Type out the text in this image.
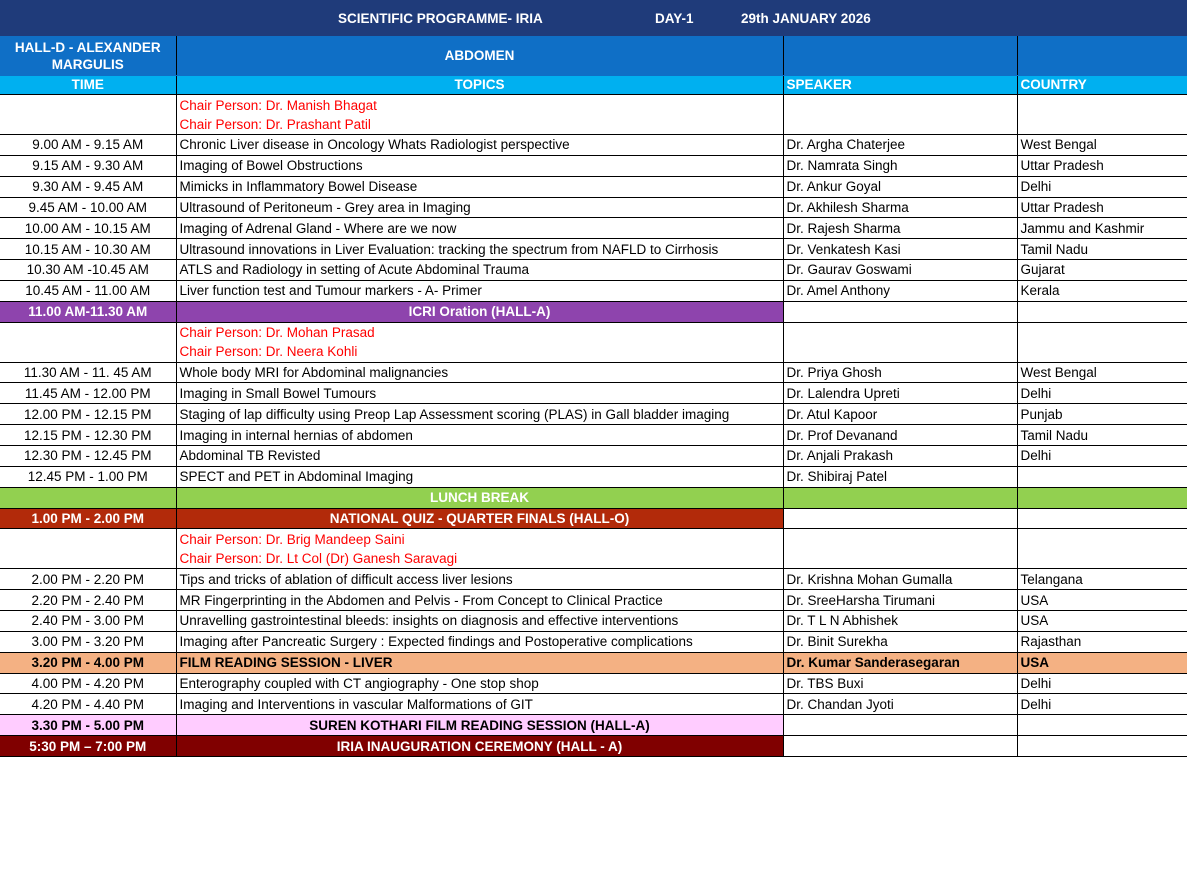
SCIENTIFIC PROGRAMME- IRIA DAY-1 29th JANUARY 2026			

HALL-D - ALEXANDER MARGULIS	ABDOMEN		
TIME	TOPICS	SPEAKER	COUNTRY

	Chair Person: Dr. Manish Bhagat
Chair Person: Dr. Prashant Patil		

9.00 AM - 9.15 AM	Chronic Liver disease in Oncology Whats Radiologist perspective	Dr. Argha Chaterjee	West Bengal
9.15 AM - 9.30 AM	Imaging of Bowel Obstructions	Dr. Namrata Singh	Uttar Pradesh
9.30 AM - 9.45 AM	Mimicks in Inflammatory Bowel Disease	Dr. Ankur Goyal	Delhi
9.45 AM - 10.00 AM	Ultrasound of Peritoneum - Grey area in Imaging	Dr. Akhilesh Sharma	Uttar Pradesh
10.00 AM - 10.15 AM	Imaging of Adrenal Gland - Where are we now	Dr. Rajesh Sharma	Jammu and Kashmir
10.15 AM - 10.30 AM	Ultrasound innovations in Liver Evaluation: tracking the spectrum from NAFLD to Cirrhosis	Dr. Venkatesh Kasi	Tamil Nadu
10.30 AM -10.45 AM	ATLS and Radiology in setting of Acute Abdominal Trauma	Dr. Gaurav Goswami	Gujarat
10.45 AM - 11.00 AM	Liver function test and Tumour markers - A- Primer	Dr. Amel Anthony	Kerala
11.00 AM-11.30 AM	ICRI Oration (HALL-A)		

	Chair Person: Dr. Mohan Prasad
Chair Person: Dr. Neera Kohli		

11.30 AM - 11. 45 AM	Whole body MRI for Abdominal malignancies	Dr. Priya Ghosh	West Bengal
11.45 AM - 12.00 PM	Imaging in Small Bowel Tumours	Dr. Lalendra Upreti	Delhi
12.00 PM - 12.15 PM	Staging of lap difficulty using Preop Lap Assessment scoring (PLAS) in Gall bladder imaging	Dr. Atul Kapoor	Punjab
12.15 PM - 12.30 PM	Imaging in internal hernias of abdomen	Dr. Prof Devanand	Tamil Nadu
12.30 PM - 12.45 PM	Abdominal TB Revisted	Dr. Anjali Prakash	Delhi
12.45 PM - 1.00 PM	SPECT and PET in Abdominal Imaging	Dr. Shibiraj Patel	
	LUNCH BREAK		
1.00 PM - 2.00 PM	NATIONAL QUIZ - QUARTER FINALS (HALL-O)		

	Chair Person: Dr. Brig Mandeep Saini
Chair Person: Dr. Lt Col (Dr) Ganesh Saravagi		

2.00 PM - 2.20 PM	Tips and tricks of ablation of difficult access liver lesions	Dr. Krishna Mohan Gumalla	Telangana
2.20 PM - 2.40 PM	MR Fingerprinting in the Abdomen and Pelvis - From Concept to Clinical Practice	Dr. SreeHarsha Tirumani	USA
2.40 PM - 3.00 PM	Unravelling gastrointestinal bleeds: insights on diagnosis and effective interventions	Dr. T L N Abhishek	USA
3.00 PM - 3.20 PM	Imaging after Pancreatic Surgery : Expected findings and Postoperative complications	Dr. Binit Surekha	Rajasthan
3.20 PM - 4.00 PM	FILM READING SESSION - LIVER	Dr. Kumar Sanderasegaran	USA
4.00 PM - 4.20 PM	Enterography coupled with CT angiography - One stop shop	Dr. TBS Buxi	Delhi
4.20 PM - 4.40 PM	Imaging and Interventions in vascular Malformations of GIT	Dr. Chandan Jyoti	Delhi
3.30 PM - 5.00 PM	SUREN KOTHARI FILM READING SESSION (HALL-A)		
5:30 PM – 7:00 PM	IRIA INAUGURATION CEREMONY (HALL - A)		
